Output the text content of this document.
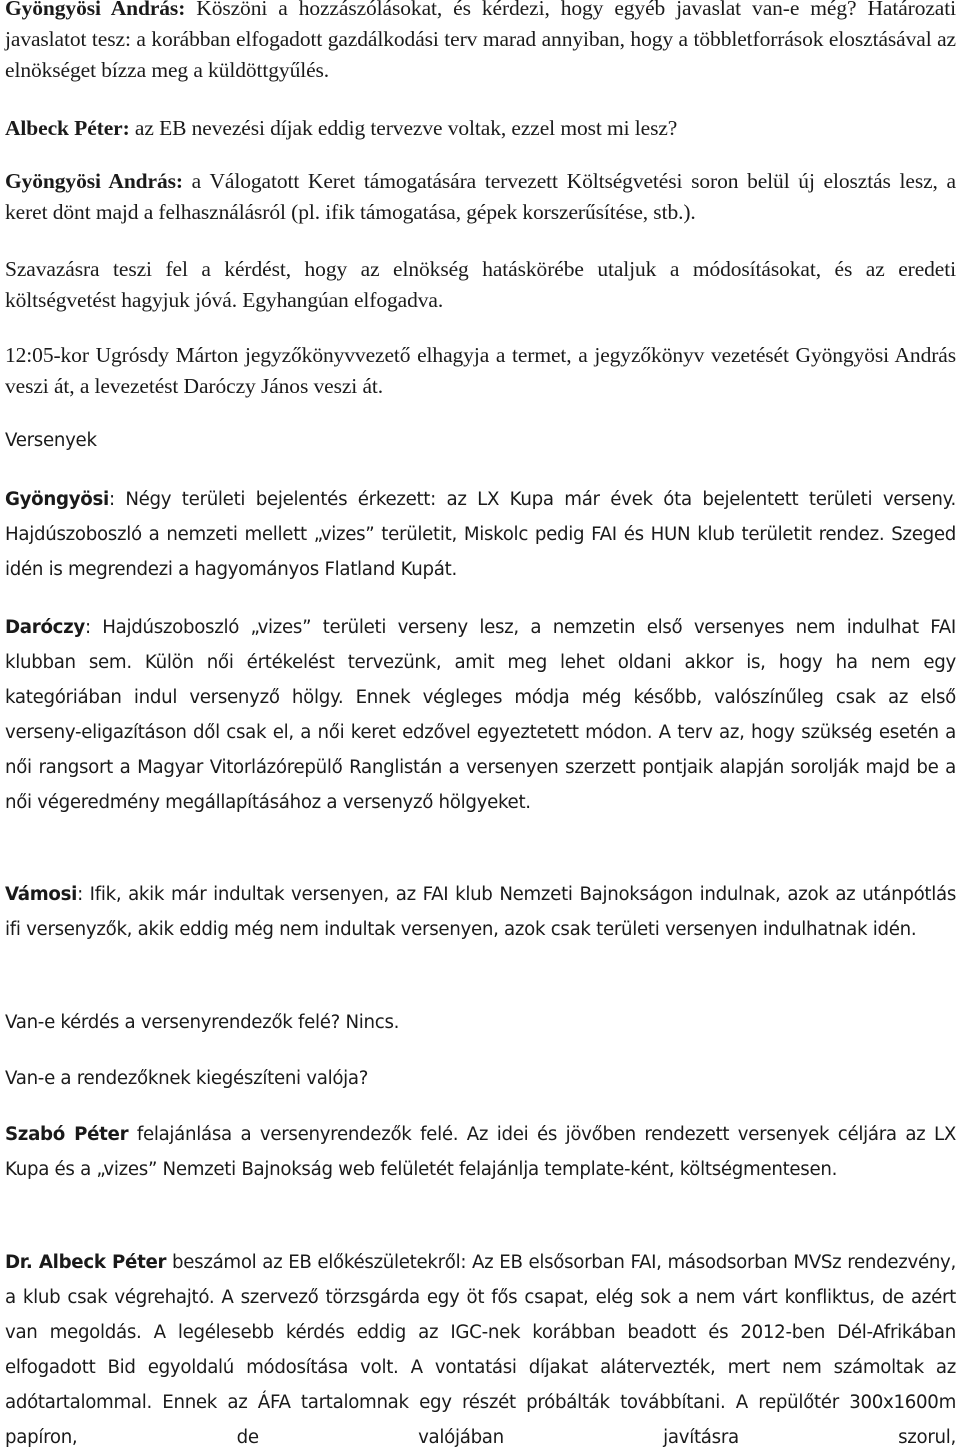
Gyöngyösi András: Köszöni a hozzászólásokat, és kérdezi, hogy egyéb javaslat van-e még? Határozati javaslatot tesz: a korábban elfogadott gazdálkodási terv marad annyiban, hogy a többletforrások elosztásával az elnökséget bízza meg a küldöttgyűlés.

Albeck Péter: az EB nevezési díjak eddig tervezve voltak, ezzel most mi lesz?

Gyöngyösi András: a Válogatott Keret támogatására tervezett Költségvetési soron belül új elosztás lesz, a keret dönt majd a felhasználásról (pl. ifik támogatása, gépek korszerűsítése, stb.).

Szavazásra teszi fel a kérdést, hogy az elnökség hatáskörébe utaljuk a módosításokat, és az eredeti költségvetést hagyjuk jóvá. Egyhangúan elfogadva.

12:05-kor Ugrósdy Márton jegyzőkönyvvezető elhagyja a termet, a jegyzőkönyv vezetését Gyöngyösi András veszi át, a levezetést Daróczy János veszi át.

Versenyek

Gyöngyösi: Négy területi bejelentés érkezett: az LX Kupa már évek óta bejelentett területi verseny. Hajdúszoboszló a nemzeti mellett „vizes” területit, Miskolc pedig FAI és HUN klub területit rendez. Szeged idén is megrendezi a hagyományos Flatland Kupát.

Daróczy: Hajdúszoboszló „vizes” területi verseny lesz, a nemzetin első versenyes nem indulhat FAI klubban sem. Külön női értékelést tervezünk, amit meg lehet oldani akkor is, hogy ha nem egy kategóriában indul versenyző hölgy. Ennek végleges módja még később, valószínűleg csak az első verseny-eligazításon dől csak el, a női keret edzővel egyeztetett módon. A terv az, hogy szükség esetén a női rangsort a Magyar Vitorlázórepülő Ranglistán a versenyen szerzett pontjaik alapján sorolják majd be a női végeredmény megállapításához a versenyző hölgyeket.

Vámosi: Ifik, akik már indultak versenyen, az FAI klub Nemzeti Bajnokságon indulnak, azok az utánpótlás ifi versenyzők, akik eddig még nem indultak versenyen, azok csak területi versenyen indulhatnak idén.

Van-e kérdés a versenyrendezők felé? Nincs.

Van-e a rendezőknek kiegészíteni valója?

Szabó Péter felajánlása a versenyrendezők felé. Az idei és jövőben rendezett versenyek céljára az LX Kupa és a „vizes” Nemzeti Bajnokság web felületét felajánlja template-ként, költségmentesen.

Dr. Albeck Péter beszámol az EB előkészületekről: Az EB elsősorban FAI, másodsorban MVSz rendezvény, a klub csak végrehajtó. A szervező törzsgárda egy öt fős csapat, elég sok a nem várt konfliktus, de azért van megoldás. A legélesebb kérdés eddig az IGC-nek korábban beadott és 2012-ben Dél-Afrikában elfogadott Bid egyoldalú módosítása volt. A vontatási díjakat alátervezték, mert nem számoltak az adótartalommal. Ennek az ÁFA tartalomnak egy részét próbálták továbbítani. A repülőtér 300x1600m papíron, de valójában javításra szorul,
